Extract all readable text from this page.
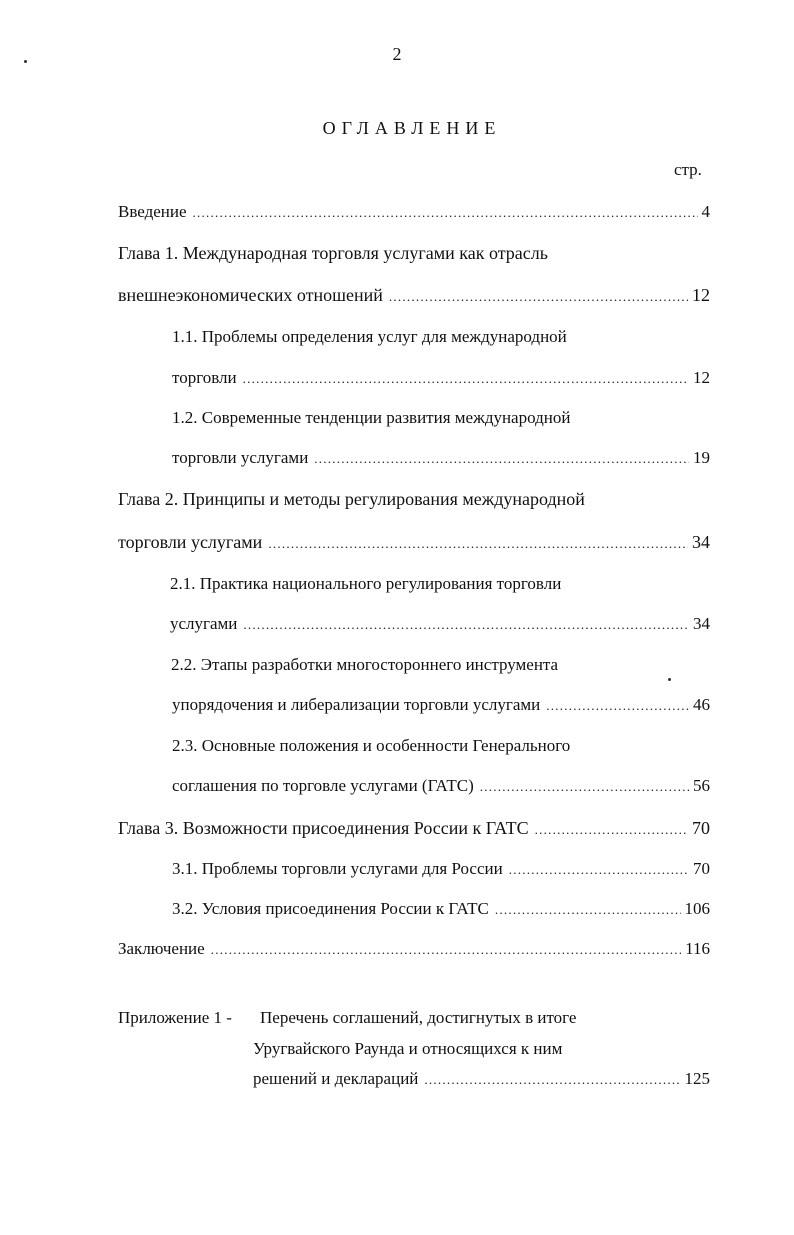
2
ОГЛАВЛЕНИЕ
стр.
Введение . . .	4
Глава 1. Международная торговля услугами как отрасль
внешнеэкономических отношений . . .	12
1.1. Проблемы определения услуг для международной
торговли . . .	12
1.2. Современные тенденции развития международной
торговли услугами . . .	19
Глава 2. Принципы и методы регулирования международной
торговли услугами . . .	34
2.1. Практика национального регулирования торговли
услугами . . .	34
2.2. Этапы разработки многостороннего инструмента
упорядочения и либерализации торговли услугами . . .	46
2.3. Основные положения и особенности Генерального
соглашения по торговле услугами (ГАТС) . . .	56
Глава 3. Возможности присоединения России к ГАТС . . .	70
3.1. Проблемы торговли услугами для России . . .	70
3.2. Условия присоединения России к ГАТС . . .	106
Заключение . . .	116
Приложение 1 - Перечень соглашений, достигнутых в итоге
Уругвайского Раунда и относящихся к ним
решений и деклараций . . .	125
